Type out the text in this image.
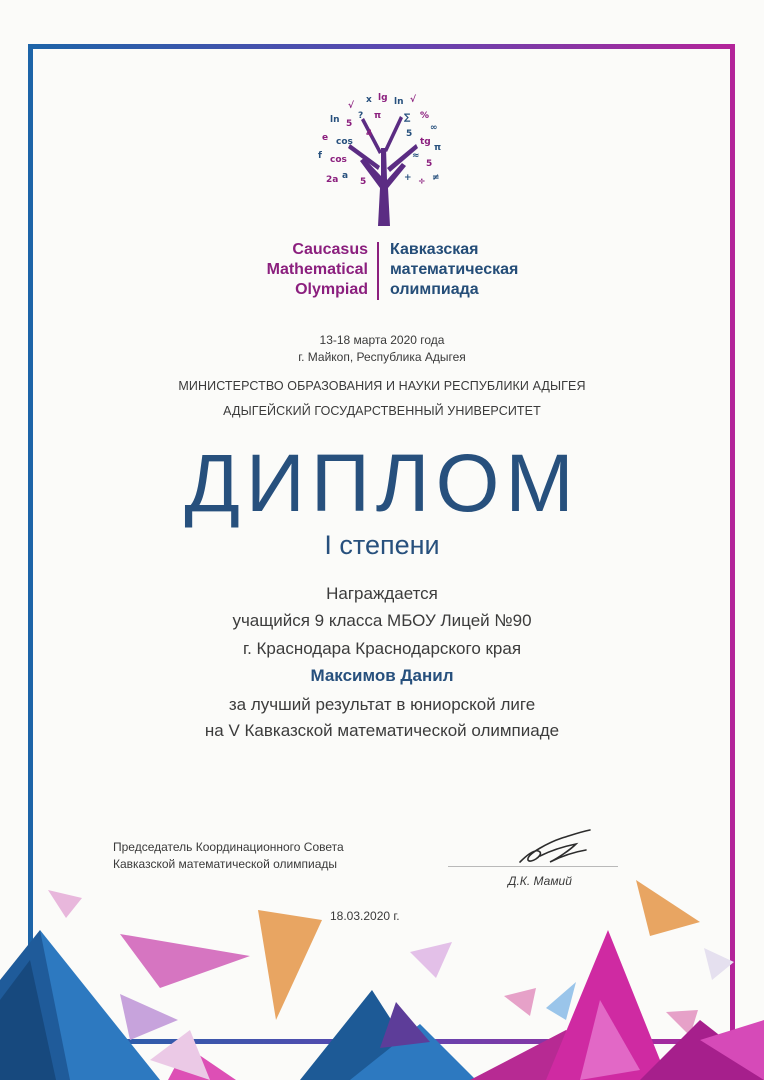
√
x lg ln √
ln 5
? π	∑ %
∞
e cos
4	5
tg
π
f cos	≈
5
2a a
5	+ ÷ ≠
Caucasus
Mathematical
Olympiad
Кавказская
математическая
олимпиада
13-18 марта 2020 года
г. Майкоп, Республика Адыгея
МИНИСТЕРСТВО ОБРАЗОВАНИЯ И НАУКИ РЕСПУБЛИКИ АДЫГЕЯ
АДЫГЕЙСКИЙ ГОСУДАРСТВЕННЫЙ УНИВЕРСИТЕТ
ДИПЛОМ
I степени
Награждается
учащийся 9 класса МБОУ Лицей №90
г. Краснодара Краснодарского края
Максимов Данил
за лучший результат в юниорской лиге
на V Кавказской математической олимпиаде
Председатель Координационного Совета
Кавказской математической олимпиады
Д.К. Мамий
18.03.2020 г.
